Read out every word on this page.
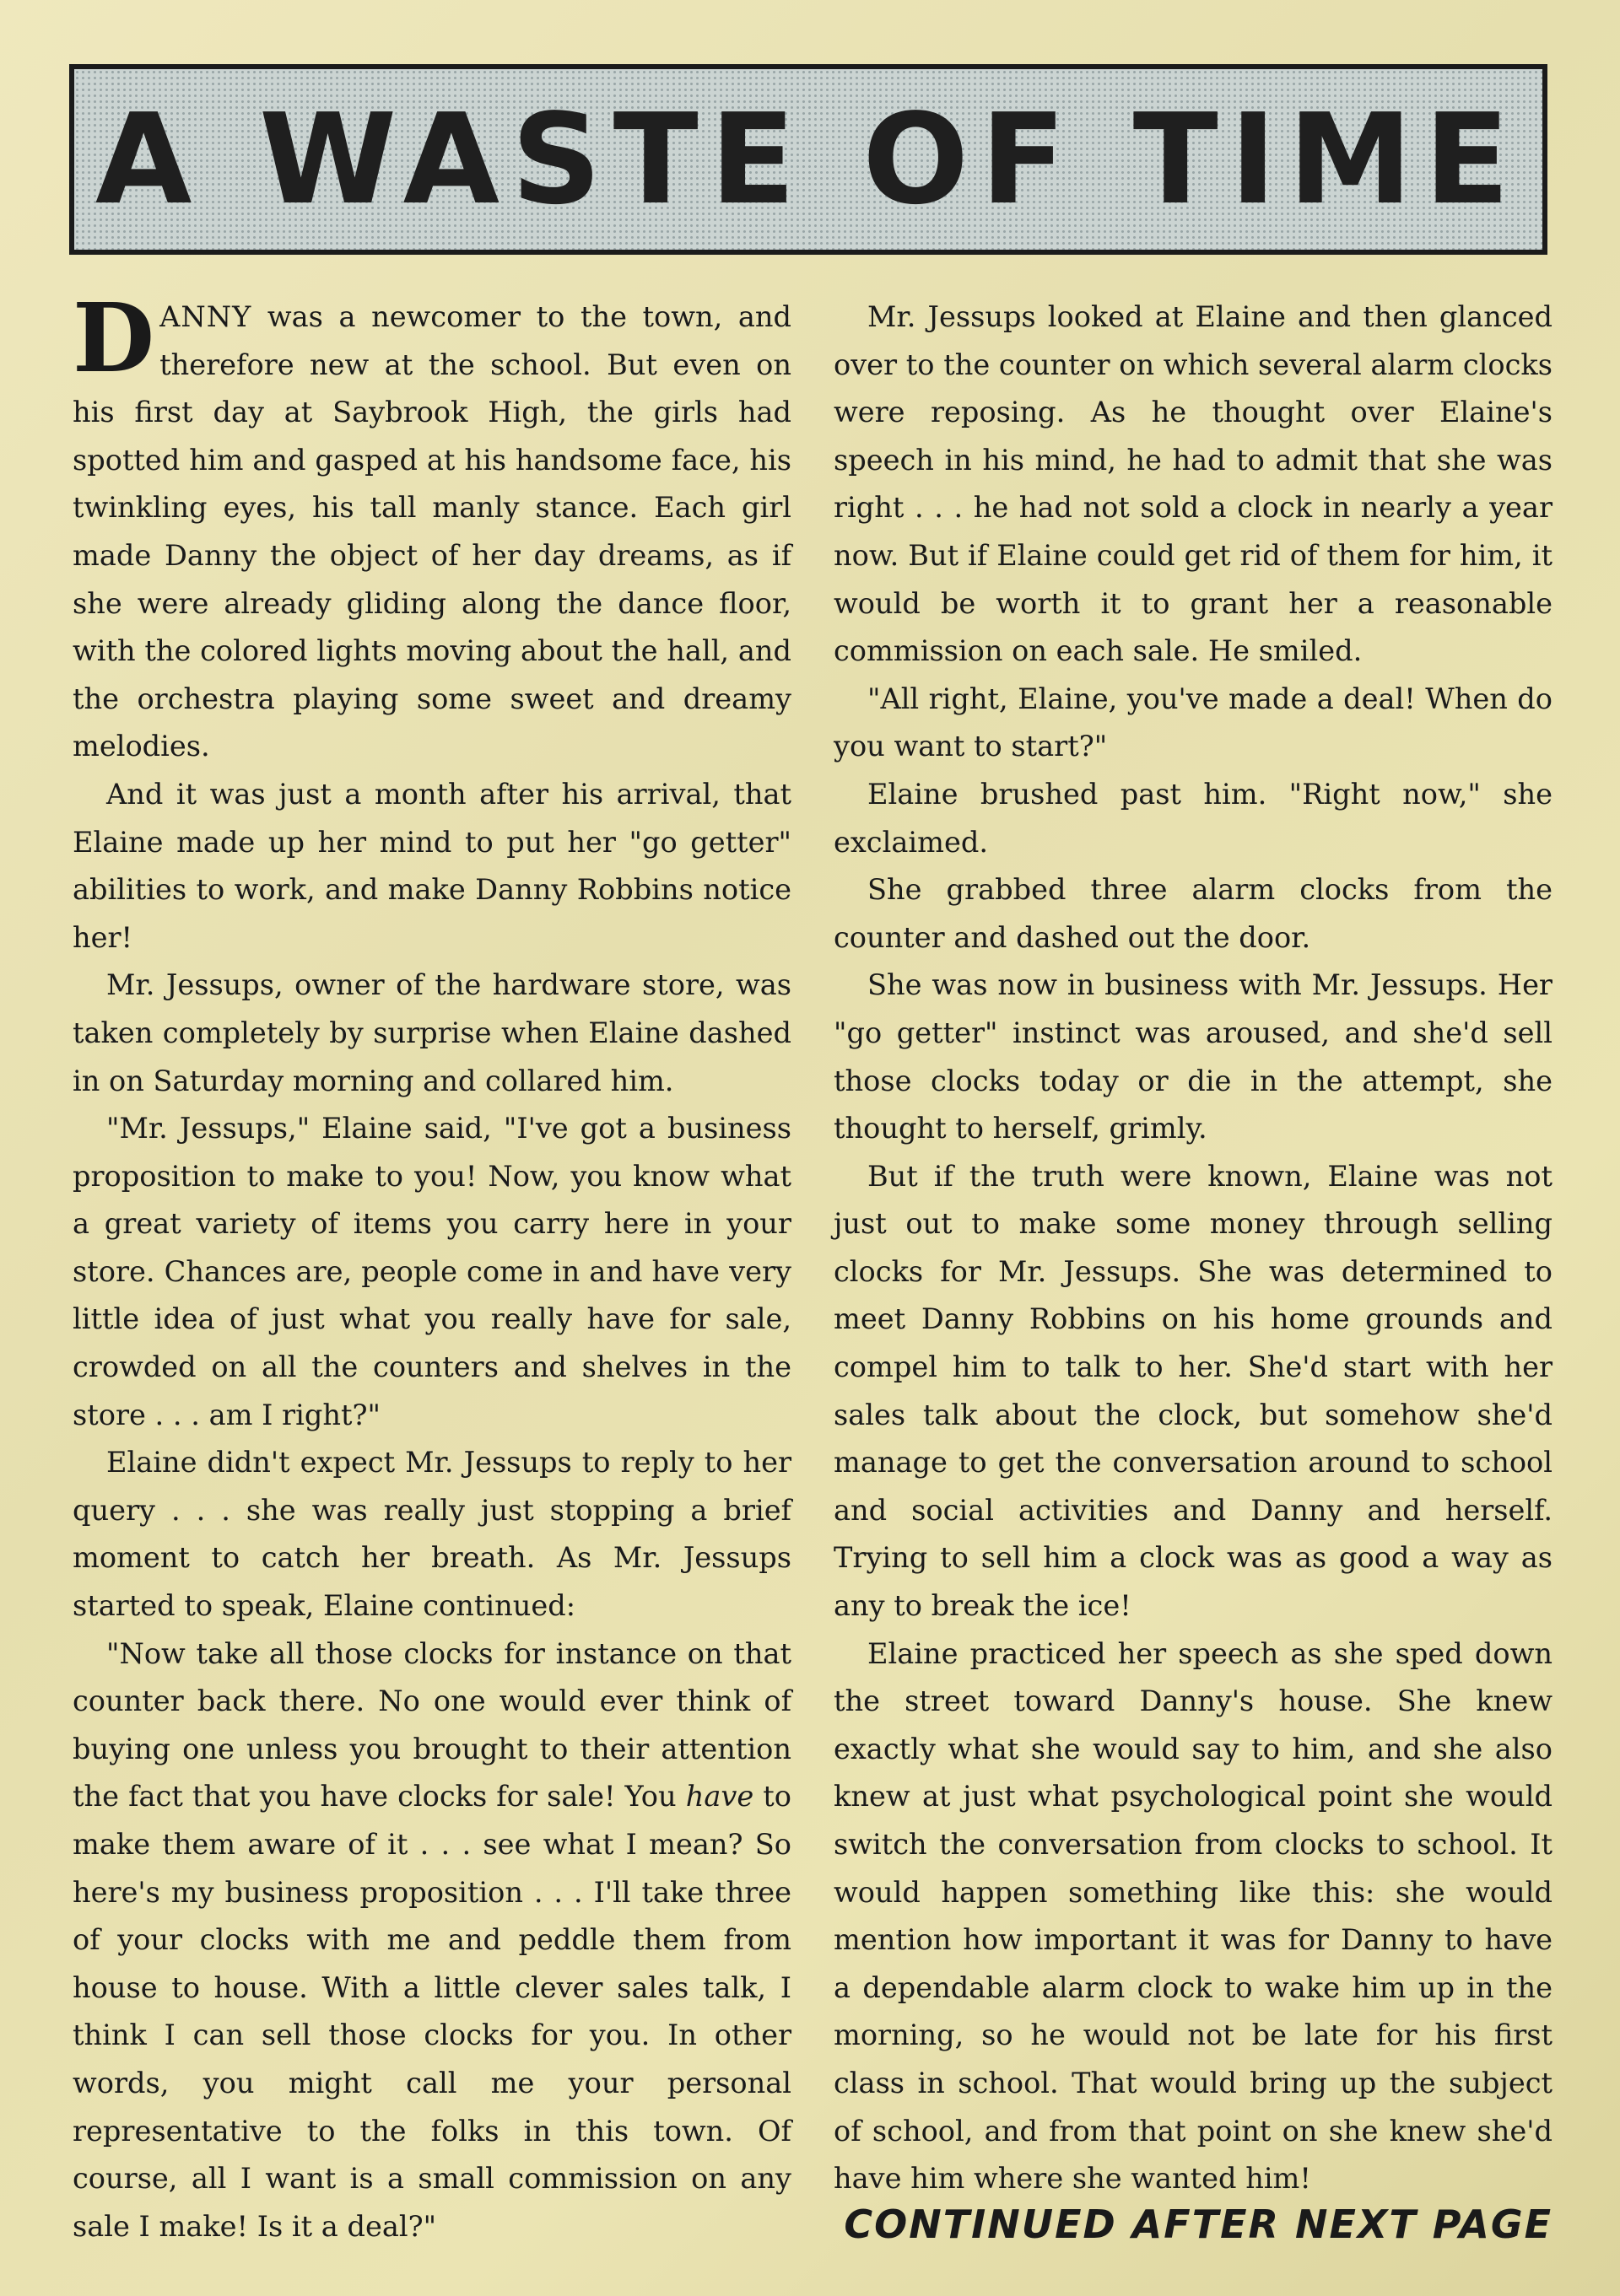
A WASTE OF TIME

DANNY was a newcomer to the town, and therefore new at the school. But even on his first day at Saybrook High, the girls had spotted him and gasped at his handsome face, his twinkling eyes, his tall manly stance. Each girl made Danny the object of her day dreams, as if she were already gliding along the dance floor, with the colored lights moving about the hall, and the orchestra playing some sweet and dreamy melodies.

And it was just a month after his arrival, that Elaine made up her mind to put her "go getter" abilities to work, and make Danny Robbins notice her!

Mr. Jessups, owner of the hardware store, was taken completely by surprise when Elaine dashed in on Saturday morning and collared him.

"Mr. Jessups," Elaine said, "I've got a business proposition to make to you! Now, you know what a great variety of items you carry here in your store. Chances are, people come in and have very little idea of just what you really have for sale, crowded on all the counters and shelves in the store . . . am I right?"

Elaine didn't expect Mr. Jessups to reply to her query . . . she was really just stopping a brief moment to catch her breath. As Mr. Jessups started to speak, Elaine continued:

"Now take all those clocks for instance on that counter back there. No one would ever think of buying one unless you brought to their attention the fact that you have clocks for sale! You have to make them aware of it . . . see what I mean? So here's my business proposition . . . I'll take three of your clocks with me and peddle them from house to house. With a little clever sales talk, I think I can sell those clocks for you. In other words, you might call me your personal representative to the folks in this town. Of course, all I want is a small commission on any sale I make! Is it a deal?"

Mr. Jessups looked at Elaine and then glanced over to the counter on which several alarm clocks were reposing. As he thought over Elaine's speech in his mind, he had to admit that she was right . . . he had not sold a clock in nearly a year now. But if Elaine could get rid of them for him, it would be worth it to grant her a reasonable commission on each sale. He smiled.

"All right, Elaine, you've made a deal! When do you want to start?"

Elaine brushed past him. "Right now," she exclaimed.

She grabbed three alarm clocks from the counter and dashed out the door.

She was now in business with Mr. Jessups. Her "go getter" instinct was aroused, and she'd sell those clocks today or die in the attempt, she thought to herself, grimly.

But if the truth were known, Elaine was not just out to make some money through selling clocks for Mr. Jessups. She was determined to meet Danny Robbins on his home grounds and compel him to talk to her. She'd start with her sales talk about the clock, but somehow she'd manage to get the conversation around to school and social activities and Danny and herself. Trying to sell him a clock was as good a way as any to break the ice!

Elaine practiced her speech as she sped down the street toward Danny's house. She knew exactly what she would say to him, and she also knew at just what psychological point she would switch the conversation from clocks to school. It would happen something like this: she would mention how important it was for Danny to have a dependable alarm clock to wake him up in the morning, so he would not be late for his first class in school. That would bring up the subject of school, and from that point on she knew she'd have him where she wanted him!

CONTINUED AFTER NEXT PAGE
